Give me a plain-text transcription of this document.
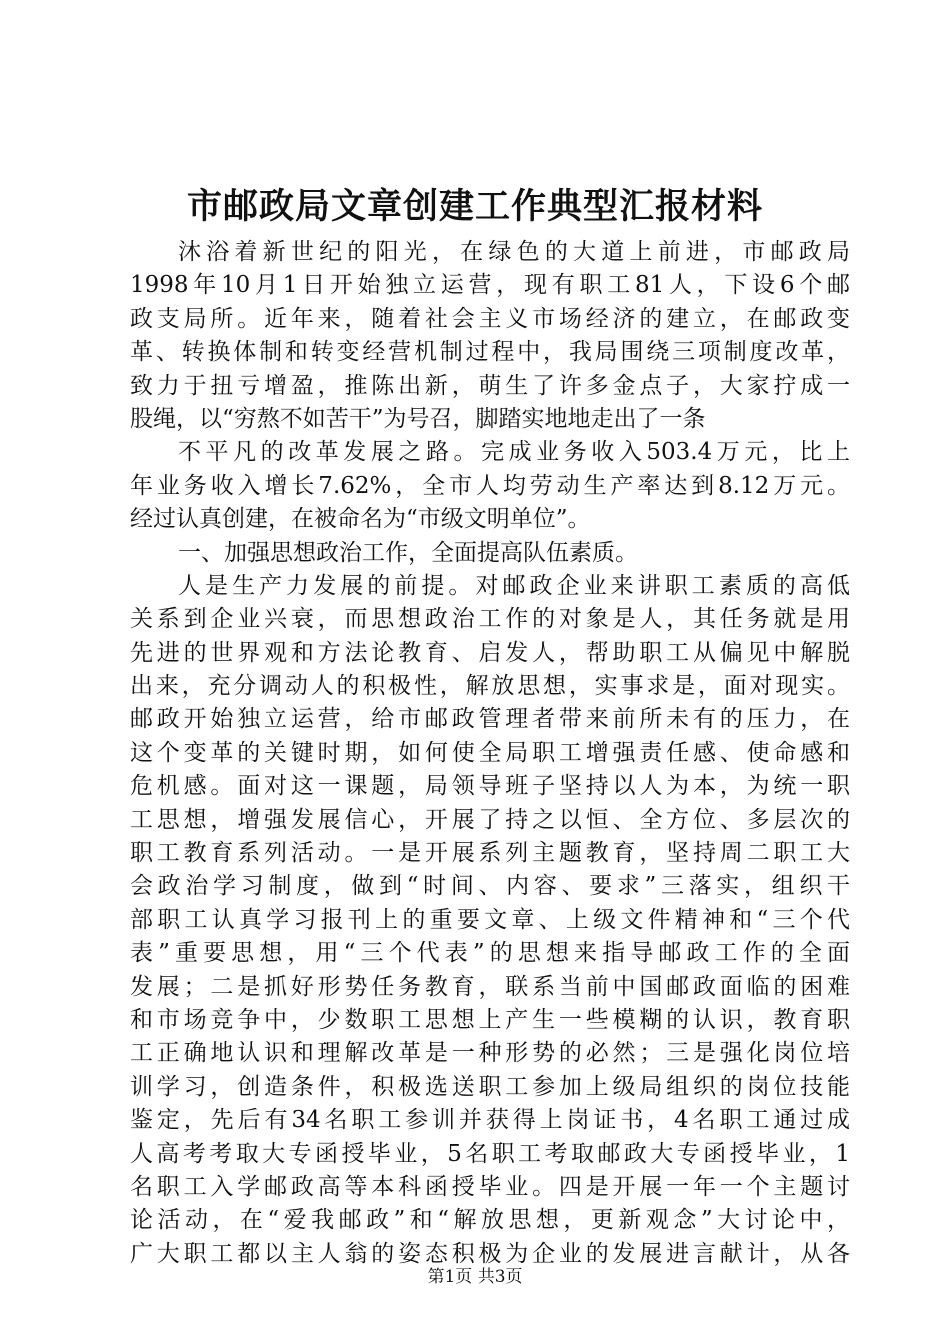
市邮政局文章创建工作典型汇报材料
沐浴着新世纪的阳光，在绿色的大道上前进，市邮政局
1998年10月1日开始独立运营，现有职工81人，下设6个邮
政支局所。近年来，随着社会主义市场经济的建立，在邮政变
革、转换体制和转变经营机制过程中，我局围绕三项制度改革，
致力于扭亏增盈，推陈出新，萌生了许多金点子，大家拧成一
股绳，以“穷熬不如苦干”为号召，脚踏实地地走出了一条
不平凡的改革发展之路。完成业务收入503.4万元，比上
年业务收入增长7.62%，全市人均劳动生产率达到8.12万元。
经过认真创建，在被命名为“市级文明单位”。
一、加强思想政治工作，全面提高队伍素质。
人是生产力发展的前提。对邮政企业来讲职工素质的高低
关系到企业兴衰，而思想政治工作的对象是人，其任务就是用
先进的世界观和方法论教育、启发人，帮助职工从偏见中解脱
出来，充分调动人的积极性，解放思想，实事求是，面对现实。
邮政开始独立运营，给市邮政管理者带来前所未有的压力，在
这个变革的关键时期，如何使全局职工增强责任感、使命感和
危机感。面对这一课题，局领导班子坚持以人为本，为统一职
工思想，增强发展信心，开展了持之以恒、全方位、多层次的
职工教育系列活动。一是开展系列主题教育，坚持周二职工大
会政治学习制度，做到“时间、内容、要求”三落实，组织干
部职工认真学习报刊上的重要文章、上级文件精神和“三个代
表”重要思想，用“三个代表”的思想来指导邮政工作的全面
发展；二是抓好形势任务教育，联系当前中国邮政面临的困难
和市场竞争中，少数职工思想上产生一些模糊的认识，教育职
工正确地认识和理解改革是一种形势的必然；三是强化岗位培
训学习，创造条件，积极选送职工参加上级局组织的岗位技能
鉴定，先后有34名职工参训并获得上岗证书，4名职工通过成
人高考考取大专函授毕业，5名职工考取邮政大专函授毕业，1
名职工入学邮政高等本科函授毕业。四是开展一年一个主题讨
论活动，在“爱我邮政”和“解放思想，更新观念”大讨论中，
广大职工都以主人翁的姿态积极为企业的发展进言献计，从各
第1页 共3页
